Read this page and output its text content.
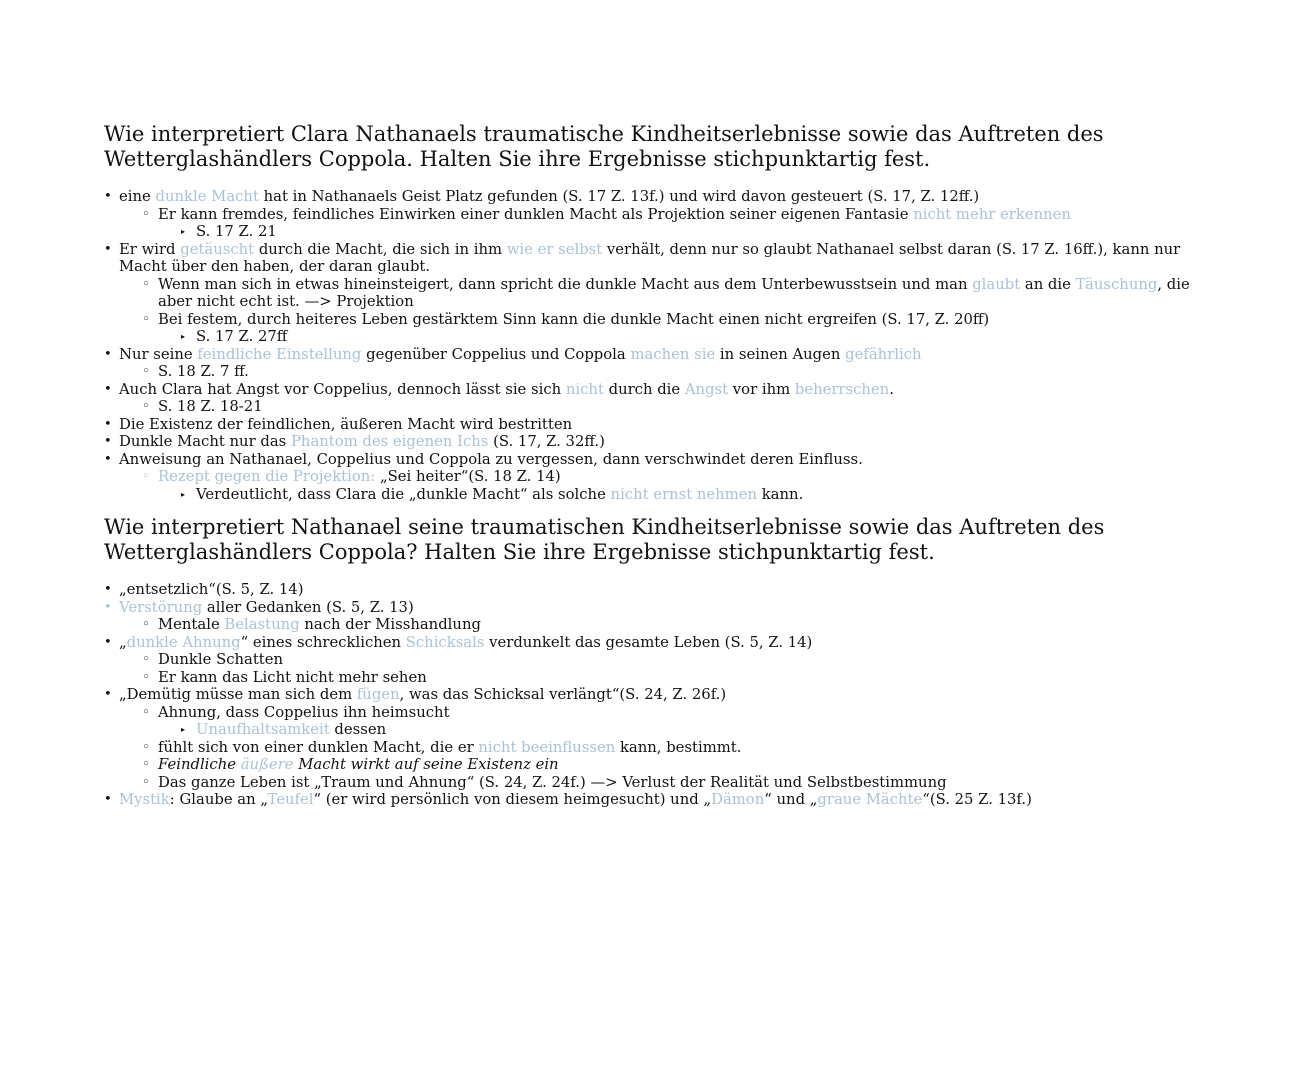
Wie interpretiert Clara Nathanaels traumatische Kindheitserlebnisse sowie das Auftreten des Wetterglashändlers Coppola. Halten Sie ihre Ergebnisse stichpunktartig fest.
• eine dunkle Macht hat in Nathanaels Geist Platz gefunden (S. 17 Z. 13f.) und wird davon gesteuert (S. 17, Z. 12ff.)
◦ Er kann fremdes, feindliches Einwirken einer dunklen Macht als Projektion seiner eigenen Fantasie nicht mehr erkennen
▸ S. 17 Z. 21
• Er wird getäuscht durch die Macht, die sich in ihm wie er selbst verhält, denn nur so glaubt Nathanael selbst daran (S. 17 Z. 16ff.), kann nur Macht über den haben, der daran glaubt.
◦ Wenn man sich in etwas hineinsteigert, dann spricht die dunkle Macht aus dem Unterbewusstsein und man glaubt an die Täuschung, die aber nicht echt ist. —> Projektion
◦ Bei festem, durch heiteres Leben gestärktem Sinn kann die dunkle Macht einen nicht ergreifen (S. 17, Z. 20ff)
▸ S. 17 Z. 27ff
• Nur seine feindliche Einstellung gegenüber Coppelius und Coppola machen sie in seinen Augen gefährlich
◦ S. 18 Z. 7 ff.
• Auch Clara hat Angst vor Coppelius, dennoch lässt sie sich nicht durch die Angst vor ihm beherrschen.
◦ S. 18 Z. 18-21
• Die Existenz der feindlichen, äußeren Macht wird bestritten
• Dunkle Macht nur das Phantom des eigenen Ichs (S. 17, Z. 32ff.)
• Anweisung an Nathanael, Coppelius und Coppola zu vergessen, dann verschwindet deren Einfluss.
◦ Rezept gegen die Projektion: „Sei heiter“(S. 18 Z. 14)
▸ Verdeutlicht, dass Clara die „dunkle Macht“ als solche nicht ernst nehmen kann.
Wie interpretiert Nathanael seine traumatischen Kindheitserlebnisse sowie das Auftreten des Wetterglashändlers Coppola? Halten Sie ihre Ergebnisse stichpunktartig fest.
• „entsetzlich“(S. 5, Z. 14)
• Verstörung aller Gedanken (S. 5, Z. 13)
◦ Mentale Belastung nach der Misshandlung
• „dunkle Ahnung“ eines schrecklichen Schicksals verdunkelt das gesamte Leben (S. 5, Z. 14)
◦ Dunkle Schatten
◦ Er kann das Licht nicht mehr sehen
• „Demütig müsse man sich dem fügen, was das Schicksal verlängt“(S. 24, Z. 26f.)
◦ Ahnung, dass Coppelius ihn heimsucht
▸ Unaufhaltsamkeit dessen
◦ fühlt sich von einer dunklen Macht, die er nicht beeinflussen kann, bestimmt.
◦ Feindliche äußere Macht wirkt auf seine Existenz ein
◦ Das ganze Leben ist „Traum und Ahnung“ (S. 24, Z. 24f.) —> Verlust der Realität und Selbstbestimmung
• Mystik: Glaube an „Teufel“ (er wird persönlich von diesem heimgesucht) und „Dämon“ und „graue Mächte“(S. 25 Z. 13f.)
